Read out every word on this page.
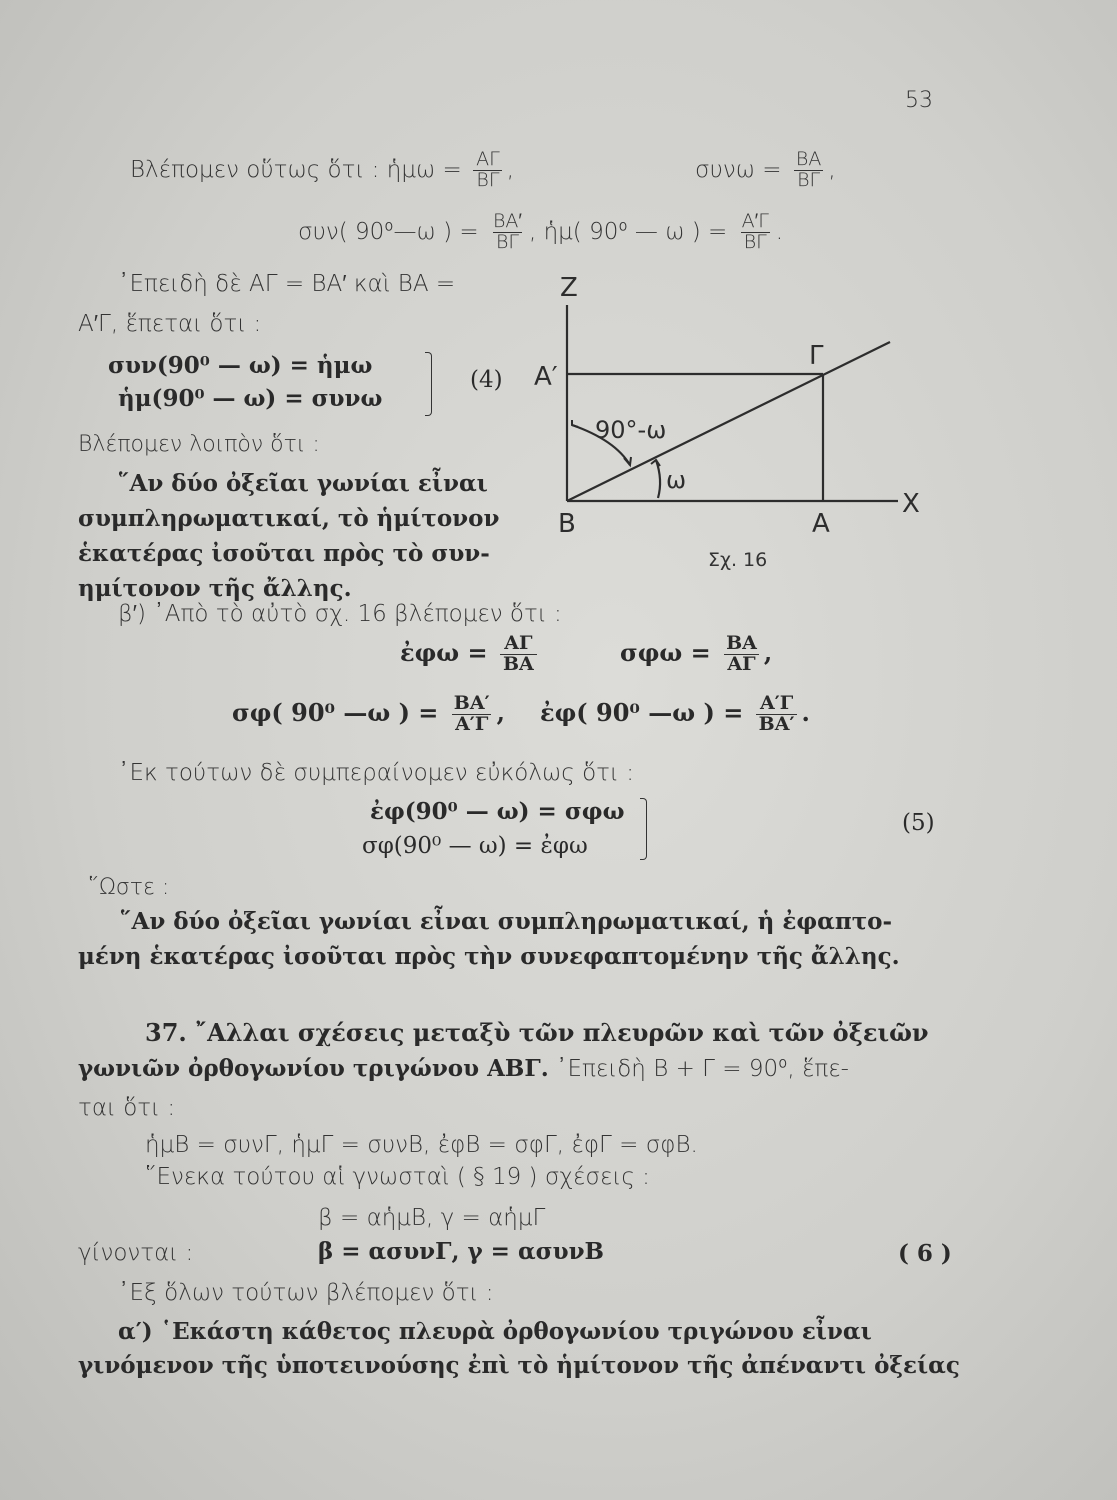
53
Βλέπομεν οὕτως ὅτι : ἡμω = $\frac{A\Gamma}{B\Gamma}$ ,	$\sigma\upsilon\nu\omega = \frac{BA}{B\Gamma}$ ,
συν( 90⁰—ω ) = $\frac{BA'}{B\Gamma}$ , ἡμ( 90⁰ — ω ) = $\frac{A'\Gamma}{B\Gamma}$ .
᾿Επειδὴ δὲ ΑΓ = ΒΑ′ καὶ ΒΑ =
Α′Γ, ἕπεται ὅτι :
συν(90⁰ — ω) = ἡμω
ἡμ(90⁰ — ω) = συνω
(4)
Βλέπομεν λοιπὸν ὅτι :
῞Αν δύο ὀξεῖαι γωνίαι εἶναι
συμπληρωματικαί, τὸ ἡμίτονον
ἑκατέρας ἰσοῦται πρὸς τὸ συν-
ημίτονον τῆς ἄλλης.
Z
X
Β	Α
Α′
Γ
90°-ω
ω
Σχ. 16
β′) ᾿Απὸ τὸ αὐτὸ σχ. 16 βλέπομεν ὅτι :
ἐφω = $\frac{A\Gamma}{BA}$	$\sigma\varphi\omega = \frac{BA}{A\Gamma}$ ,
σφ( 90⁰ —ω ) = $\frac{BA'}{A'\Gamma}$ , ἐφ( 90⁰ —ω ) = $\frac{A'\Gamma}{BA'}$ .
᾿Εκ τούτων δὲ συμπεραίνομεν εὐκόλως ὅτι :
ἐφ(90⁰ — ω) = σφω
σφ(90⁰ — ω) = ἐφω
(5)
῞Ωστε :
῞Αν δύο ὀξεῖαι γωνίαι εἶναι συμπληρωματικαί, ἡ ἐφαπτο-
μένη ἑκατέρας ἰσοῦται πρὸς τὴν συνεφαπτομένην τῆς ἄλλης.
37. ῎Αλλαι σχέσεις μεταξὺ τῶν πλευρῶν καὶ τῶν ὀξειῶν
γωνιῶν ὀρθογωνίου τριγώνου ΑΒΓ. ᾿Επειδὴ Β + Γ = 90⁰, ἕπε-
ται ὅτι :
ἡμΒ = συνΓ, ἡμΓ = συνΒ, ἐφΒ = σφΓ, ἐφΓ = σφΒ.
῞Ενεκα τούτου αἱ γνωσταὶ ( § 19 ) σχέσεις :
β = αἡμΒ, γ = αἡμΓ
γίνονται :	β = ασυνΓ, γ = ασυνΒ	( 6 )
᾿Εξ ὅλων τούτων βλέπομεν ὅτι :
α′) ῾Εκάστη κάθετος πλευρὰ ὀρθογωνίου τριγώνου εἶναι
γινόμενον τῆς ὑποτεινούσης ἐπὶ τὸ ἡμίτονον τῆς ἀπέναντι ὀξείας
